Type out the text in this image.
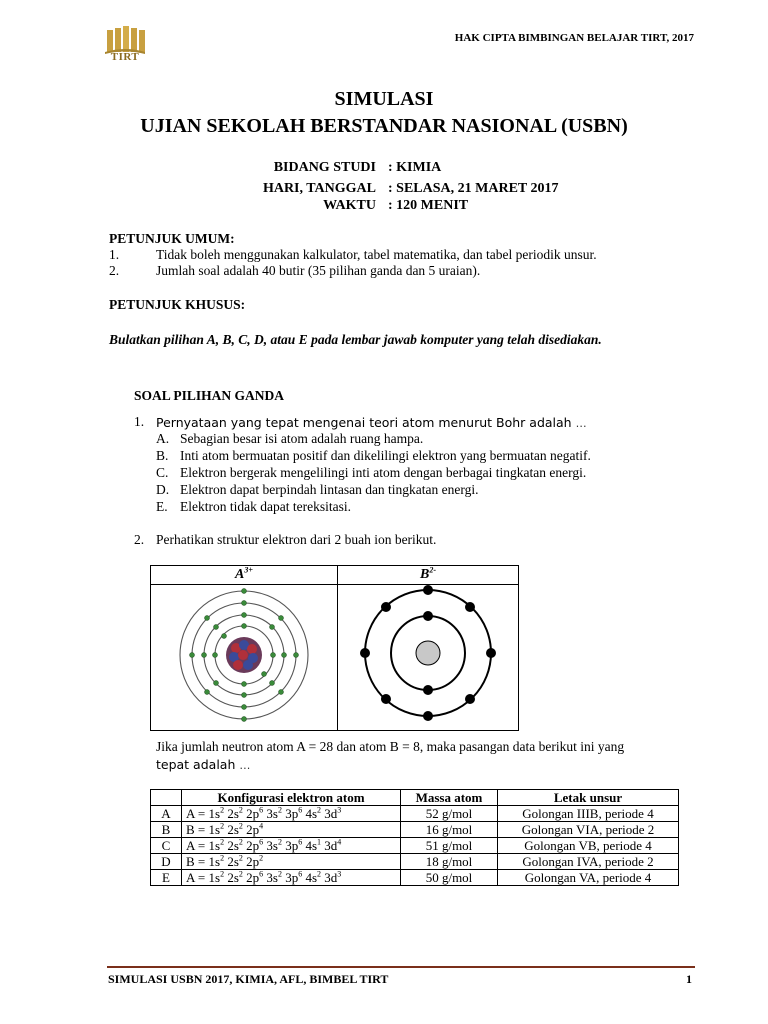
TIRT
HAK CIPTA BIMBINGAN BELAJAR TIRT, 2017
SIMULASI
UJIAN SEKOLAH BERSTANDAR NASIONAL (USBN)
BIDANG STUDI : KIMIA
HARI, TANGGAL : SELASA, 21 MARET 2017
WAKTU : 120 MENIT
PETUNJUK UMUM:
1.	Tidak boleh menggunakan kalkulator, tabel matematika, dan tabel periodik unsur.
2.	Jumlah soal adalah 40 butir (35 pilihan ganda dan 5 uraian).
PETUNJUK KHUSUS:
Bulatkan pilihan A, B, C, D, atau E pada lembar jawab komputer yang telah disediakan.
SOAL PILIHAN GANDA
1. Pernyataan yang tepat mengenai teori atom menurut Bohr adalah …
A. Sebagian besar isi atom adalah ruang hampa.
B. Inti atom bermuatan positif dan dikelilingi elektron yang bermuatan negatif.
C. Elektron bergerak mengelilingi inti atom dengan berbagai tingkatan energi.
D. Elektron dapat berpindah lintasan dan tingkatan energi.
E. Elektron tidak dapat tereksitasi.
2. Perhatikan struktur elektron dari 2 buah ion berikut.
$A^{3+}$	$B^{2-}$

Jika jumlah neutron atom A = 28 dan atom B = 8, maka pasangan data berikut ini yang
tepat adalah …
	Konfigurasi elektron atom	Massa atom	Letak unsur
A	$A = 1s^2$ $2s^2$ $2p^6$ $3s^2$ $3p^6$ $4s^2$ $3d^3$	52 g/mol	Golongan IIIB, periode 4
B	$B = 1s^2$ $2s^2$ $2p^4$	16 g/mol	Golongan VIA, periode 2
C	$A = 1s^2$ $2s^2$ $2p^6$ $3s^2$ $3p^6$ $4s^1$ $3d^4$	51 g/mol	Golongan VB, periode 4
D	$B = 1s^2$ $2s^2$ $2p^2$	18 g/mol	Golongan IVA, periode 2
E	$A = 1s^2$ $2s^2$ $2p^6$ $3s^2$ $3p^6$ $4s^2$ $3d^3$	50 g/mol	Golongan VA, periode 4
SIMULASI USBN 2017, KIMIA, AFL, BIMBEL TIRT	1
